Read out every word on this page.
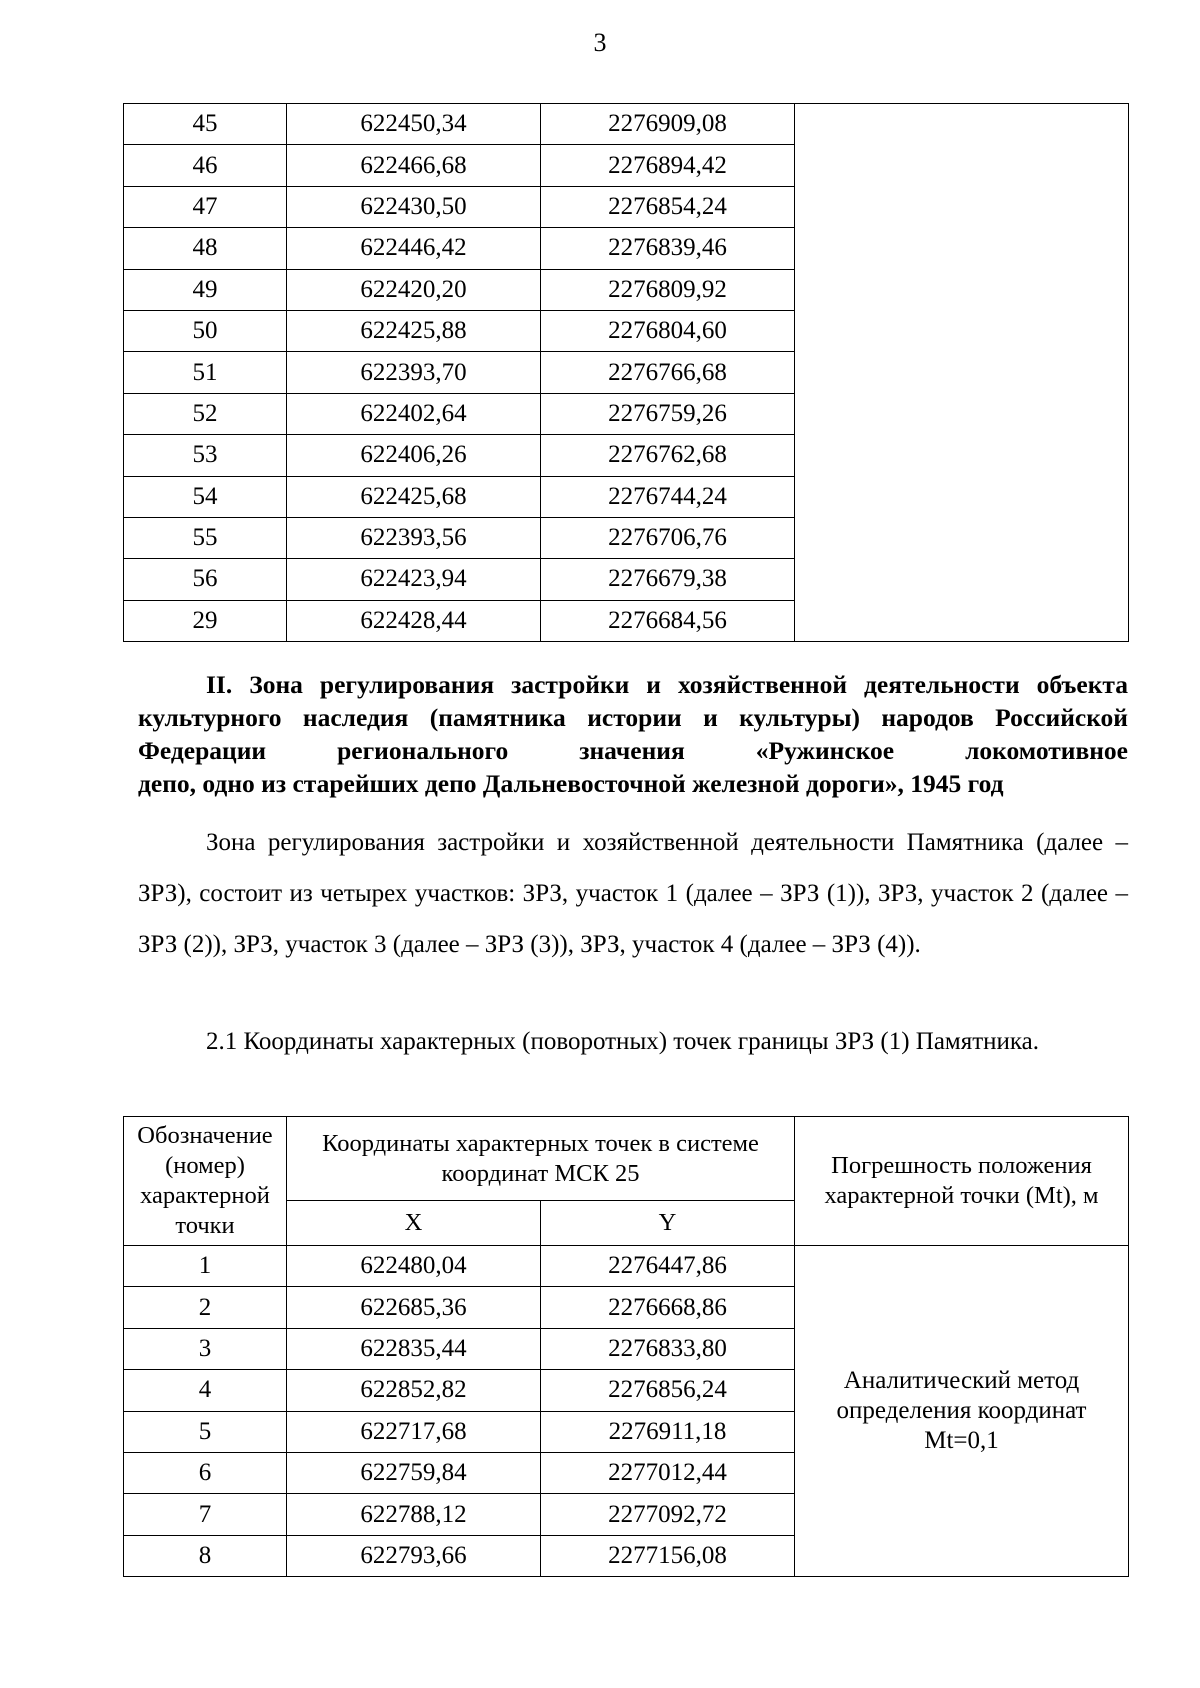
3
45	622450,34	2276909,08	
46	622466,68	2276894,42	
47	622430,50	2276854,24	
48	622446,42	2276839,46	
49	622420,20	2276809,92	
50	622425,88	2276804,60	
51	622393,70	2276766,68	
52	622402,64	2276759,26	
53	622406,26	2276762,68	
54	622425,68	2276744,24	
55	622393,56	2276706,76	
56	622423,94	2276679,38	
29	622428,44	2276684,56	
II. Зона регулирования застройки и хозяйственной деятельности объекта культурного наследия (памятника истории и культуры) народов Российской Федерации регионального значения «Ружинское локомотивное
депо, одно из старейших депо Дальневосточной железной дороги», 1945 год
Зона регулирования застройки и хозяйственной деятельности Памятника (далее – ЗРЗ), состоит из четырех участков: ЗРЗ, участок 1 (далее – ЗРЗ (1)), ЗРЗ, участок 2 (далее – ЗРЗ (2)), ЗРЗ, участок 3 (далее – ЗРЗ (3)), ЗРЗ, участок 4 (далее – ЗРЗ (4)).
2.1 Координаты характерных (поворотных) точек границы ЗРЗ (1) Памятника.
Обозначение (номер) характерной точки	Координаты характерных точек в системе координат МСК 25		Погрешность положения характерной точки (Mt), м
	X	Y	
1	622480,04	2276447,86	Аналитический метод определения координат Mt=0,1
2	622685,36	2276668,86	
3	622835,44	2276833,80	
4	622852,82	2276856,24	
5	622717,68	2276911,18	
6	622759,84	2277012,44	
7	622788,12	2277092,72	
8	622793,66	2277156,08	
